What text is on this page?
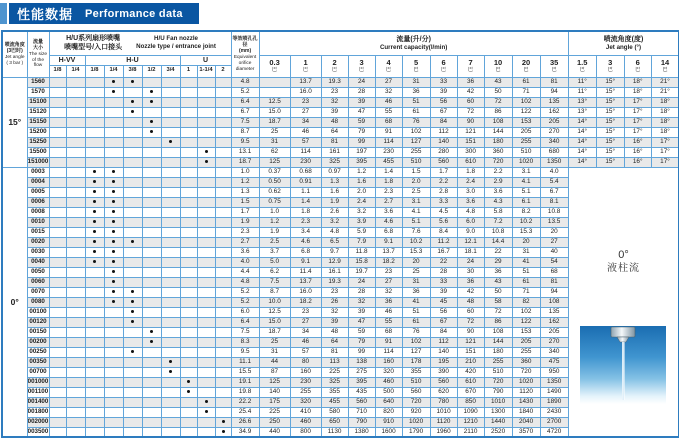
性能数据 Performance data
喷流角度
(3巴时)
Jet angle
( 3 bar )

流量
大小
The size
of the
flow

H/U系列扇形喷嘴
喷嘴型号/入口接头
H/U Fan nozzle
Nozzle type / entrance joint

等效喷孔孔径
(mm)
Equivalent orifice diameter

流量(升/分)
Current capacity(l/min)

喷流角度(度)
Jet angle (°)

H-VV	H-U	U	0.3
巴

1
巴

2
巴

3
巴

4
巴

5
巴

6
巴

7
巴

10
巴

20
巴

35
巴

1.5
巴

3
巴

6
巴

14
巴

		1/8	1/4	1/8	1/4	3/8	1/2	3/4	1	1-1/4	2																
15°	1560											4.8		13.7	19.3	24	27	31	33	36	43	61	81	11°	15°	18°	21°
	1570											5.2		16.0	23	28	32	36	39	42	50	71	94	11°	15°	18°	21°
	15100											6.4	12.5	23	32	39	46	51	56	60	72	102	135	13°	15°	17°	18°
	15120											6.7	15.0	27	39	47	55	61	67	72	86	122	162	13°	15°	17°	18°
	15150											7.5	18.7	34	48	59	68	76	84	90	108	153	205	14°	15°	17°	18°
	15200											8.7	25	46	64	79	91	102	112	121	144	205	270	14°	15°	17°	18°
	15250											9.5	31	57	81	99	114	127	140	151	180	255	340	14°	15°	16°	17°
	15500											13.1	62	114	161	197	230	255	280	300	360	510	680	14°	15°	16°	17°
	151000											18.7	125	230	325	395	455	510	560	610	720	1020	1350	14°	15°	16°	17°
0°	0003											1.0	0.37	0.68	0.97	1.2	1.4	1.5	1.7	1.8	2.2	3.1	4.0	0°
液柱流			

	0004											1.2	0.50	0.91	1.3	1.6	1.8	2.0	2.2	2.4	2.9	4.1	5.4				
	0005											1.3	0.62	1.1	1.6	2.0	2.3	2.5	2.8	3.0	3.6	5.1	6.7				
	0006											1.5	0.75	1.4	1.9	2.4	2.7	3.1	3.3	3.6	4.3	6.1	8.1				
	0008											1.7	1.0	1.8	2.6	3.2	3.6	4.1	4.5	4.8	5.8	8.2	10.8				
	0010											1.9	1.2	2.3	3.2	3.9	4.6	5.1	5.6	6.0	7.2	10.2	13.5				
	0015											2.3	1.9	3.4	4.8	5.9	6.8	7.6	8.4	9.0	10.8	15.3	20				
	0020											2.7	2.5	4.6	6.5	7.9	9.1	10.2	11.2	12.1	14.4	20	27				
	0030											3.6	3.7	6.8	9.7	11.8	13.7	15.3	16.7	18.1	22	31	40				
	0040											4.0	5.0	9.1	12.9	15.8	18.2	20	22	24	29	41	54				
	0050											4.4	6.2	11.4	16.1	19.7	23	25	28	30	36	51	68				
	0060											4.8	7.5	13.7	19.3	24	27	31	33	36	43	61	81				
	0070											5.2	8.7	16.0	23	28	32	36	39	42	50	71	94				
	0080											5.2	10.0	18.2	26	32	36	41	45	48	58	82	108				
	00100											6.0	12.5	23	32	39	46	51	56	60	72	102	135				
	00120											6.4	15.0	27	39	47	55	61	67	72	86	122	162				
	00150											7.5	18.7	34	48	59	68	76	84	90	108	153	205				
	00200											8.3	25	46	64	79	91	102	112	121	144	205	270				
	00250											9.5	31	57	81	99	114	127	140	151	180	255	340				
	00350											11.1	44	80	113	138	160	178	195	210	255	360	475				
	00700											15.5	87	160	225	275	320	355	390	420	510	720	950				
	001000											19.1	125	230	325	395	460	510	560	610	720	1020	1350				
	001100											19.8	140	255	355	435	500	560	620	670	790	1120	1490				
	001400											22.2	175	320	455	560	640	720	780	850	1010	1430	1890				
	001800											25.4	225	410	580	710	820	920	1010	1090	1300	1840	2430				
	002000											26.6	250	460	650	790	910	1020	1120	1210	1440	2040	2700				
	003500											34.9	440	800	1130	1380	1600	1790	1960	2110	2520	3570	4720				
